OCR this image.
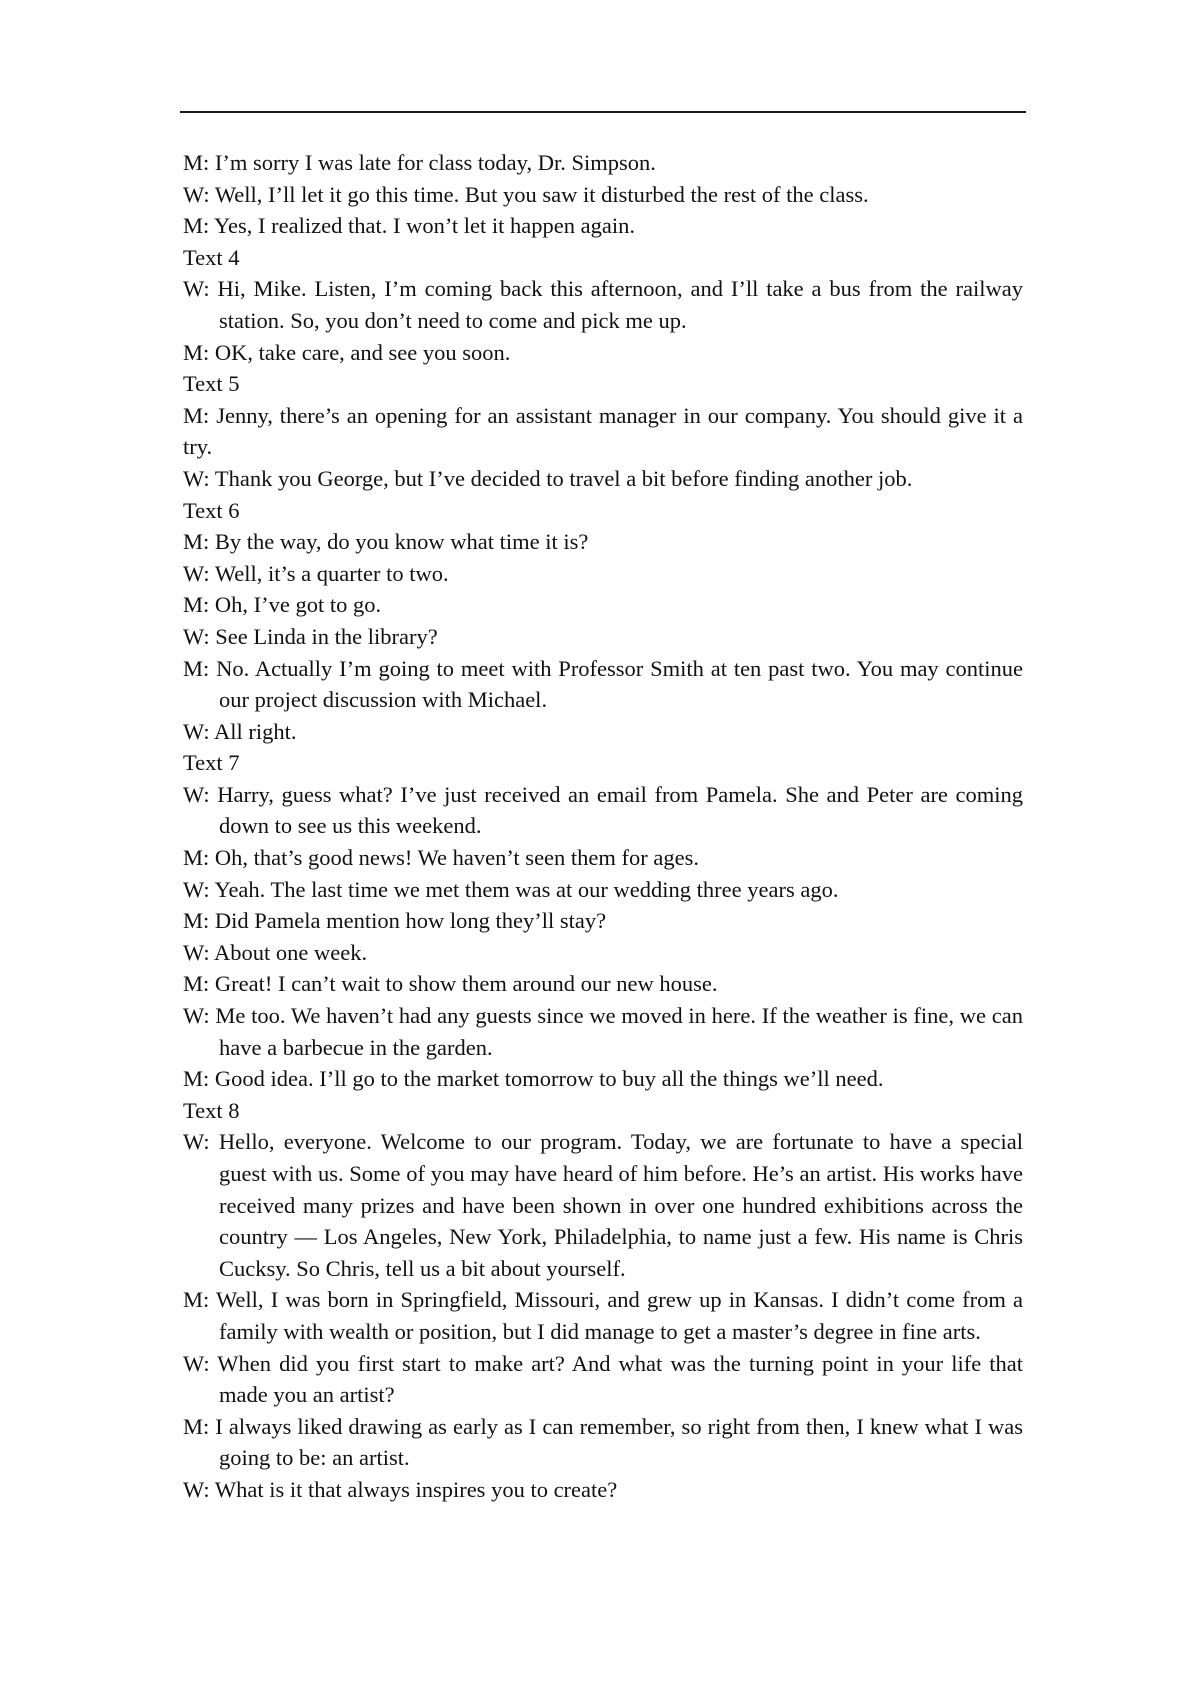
M: I’m sorry I was late for class today, Dr. Simpson.

W: Well, I’ll let it go this time. But you saw it disturbed the rest of the class.

M: Yes, I realized that. I won’t let it happen again.

Text 4

W: Hi, Mike. Listen, I’m coming back this afternoon, and I’ll take a bus from the railway station. So, you don’t need to come and pick me up.

M: OK, take care, and see you soon.

Text 5

M: Jenny, there’s an opening for an assistant manager in our company. You should give it a try.

W: Thank you George, but I’ve decided to travel a bit before finding another job.

Text 6

M: By the way, do you know what time it is?

W: Well, it’s a quarter to two.

M: Oh, I’ve got to go.

W: See Linda in the library?

M: No. Actually I’m going to meet with Professor Smith at ten past two. You may continue our project discussion with Michael.

W: All right.

Text 7

W: Harry, guess what? I’ve just received an email from Pamela. She and Peter are coming down to see us this weekend.

M: Oh, that’s good news! We haven’t seen them for ages.

W: Yeah. The last time we met them was at our wedding three years ago.

M: Did Pamela mention how long they’ll stay?

W: About one week.

M: Great! I can’t wait to show them around our new house.

W: Me too. We haven’t had any guests since we moved in here. If the weather is fine, we can have a barbecue in the garden.

M: Good idea. I’ll go to the market tomorrow to buy all the things we’ll need.

Text 8

W: Hello, everyone. Welcome to our program. Today, we are fortunate to have a special guest with us. Some of you may have heard of him before. He’s an artist. His works have received many prizes and have been shown in over one hundred exhibitions across the country — Los Angeles, New York, Philadelphia, to name just a few. His name is Chris Cucksy. So Chris, tell us a bit about yourself.

M: Well, I was born in Springfield, Missouri, and grew up in Kansas. I didn’t come from a family with wealth or position, but I did manage to get a master’s degree in fine arts.

W: When did you first start to make art? And what was the turning point in your life that made you an artist?

M: I always liked drawing as early as I can remember, so right from then, I knew what I was going to be: an artist.

W: What is it that always inspires you to create?
